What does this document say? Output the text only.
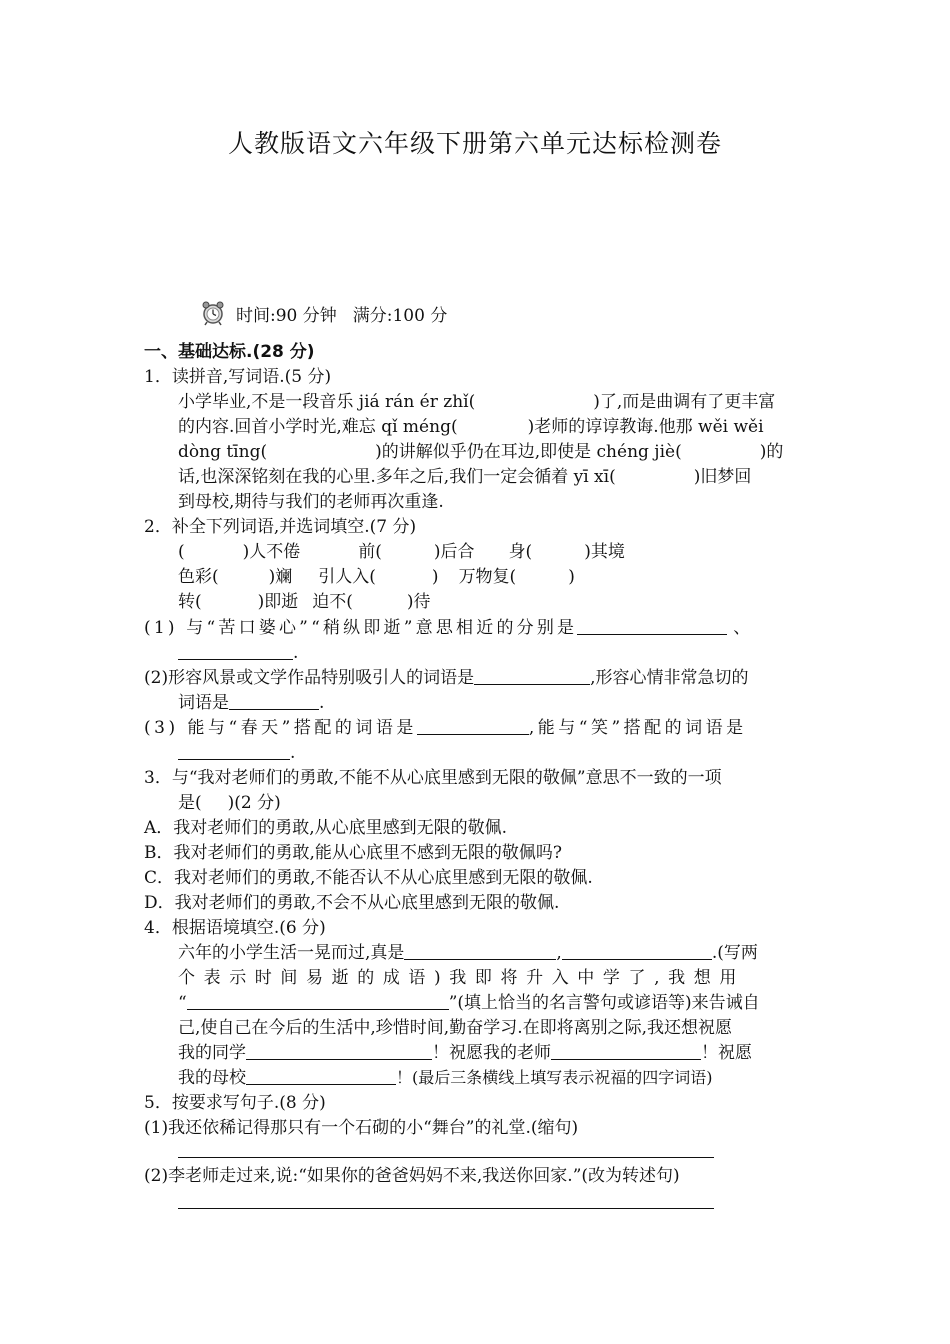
人教版语文六年级下册第六单元达标检测卷
时间:90 分钟 满分:100 分
一、基础达标.(28 分)
1．读拼音,写词语.(5 分)
小学毕业,不是一段音乐 jiá rán ér zhǐ(	)了,而是曲调有了更丰富
的内容.回首小学时光,难忘 qǐ méng(	)老师的谆谆教诲.他那 wěi wěi
dòng tīng(	)的讲解似乎仍在耳边,即使是 chéng jiè(	)的
话,也深深铭刻在我的心里.多年之后,我们一定会循着 yī xī(	)旧梦回
到母校,期待与我们的老师再次重逢.
2．补全下列词语,并选词填空.(7 分)
(	)人不倦	前(	)后合 身(	)其境
色彩(	)斓 引人入(	) 万物复(	)
转(	)即逝 迫不(	)待
(1) 与“苦口婆心”“稍纵即逝”意思相近的分别是	、
.
(2)形容风景或文学作品特别吸引人的词语是	,形容心情非常急切的
词语是	.
(3) 能与“春天”搭配的词语是	,能与“笑”搭配的词语是
.
3．与“我对老师们的勇敢,不能不从心底里感到无限的敬佩”意思不一致的一项
是( )(2 分)
A．我对老师们的勇敢,从心底里感到无限的敬佩.
B．我对老师们的勇敢,能从心底里不感到无限的敬佩吗?
C．我对老师们的勇敢,不能否认不从心底里感到无限的敬佩.
D．我对老师们的勇敢,不会不从心底里感到无限的敬佩.
4．根据语境填空.(6 分)
六年的小学生活一晃而过,真是	,	.(写两
个 表 示 时 间 易 逝 的 成 语 ) 我 即 将 升 入 中 学 了 , 我 想 用
“	”(填上恰当的名言警句或谚语等)来告诫自
己,使自己在今后的生活中,珍惜时间,勤奋学习.在即将离别之际,我还想祝愿
我的同学	！祝愿我的老师	！祝愿
我的母校	！(最后三条横线上填写表示祝福的四字词语)
5．按要求写句子.(8 分)
(1)我还依稀记得那只有一个石砌的小“舞台”的礼堂.(缩句)
(2)李老师走过来,说:“如果你的爸爸妈妈不来,我送你回家.”(改为转述句)
